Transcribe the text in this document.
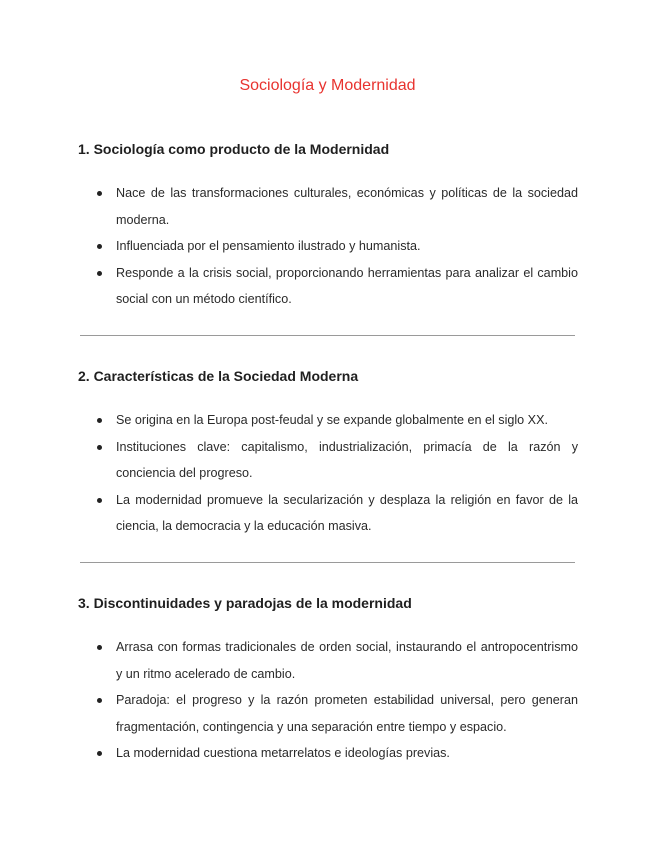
Sociología y Modernidad
1. Sociología como producto de la Modernidad
Nace de las transformaciones culturales, económicas y políticas de la sociedad moderna.
Influenciada por el pensamiento ilustrado y humanista.
Responde a la crisis social, proporcionando herramientas para analizar el cambio social con un método científico.
2. Características de la Sociedad Moderna
Se origina en la Europa post-feudal y se expande globalmente en el siglo XX.
Instituciones clave: capitalismo, industrialización, primacía de la razón y conciencia del progreso.
La modernidad promueve la secularización y desplaza la religión en favor de la ciencia, la democracia y la educación masiva.
3. Discontinuidades y paradojas de la modernidad
Arrasa con formas tradicionales de orden social, instaurando el antropocentrismo y un ritmo acelerado de cambio.
Paradoja: el progreso y la razón prometen estabilidad universal, pero generan fragmentación, contingencia y una separación entre tiempo y espacio.
La modernidad cuestiona metarrelatos e ideologías previas.
